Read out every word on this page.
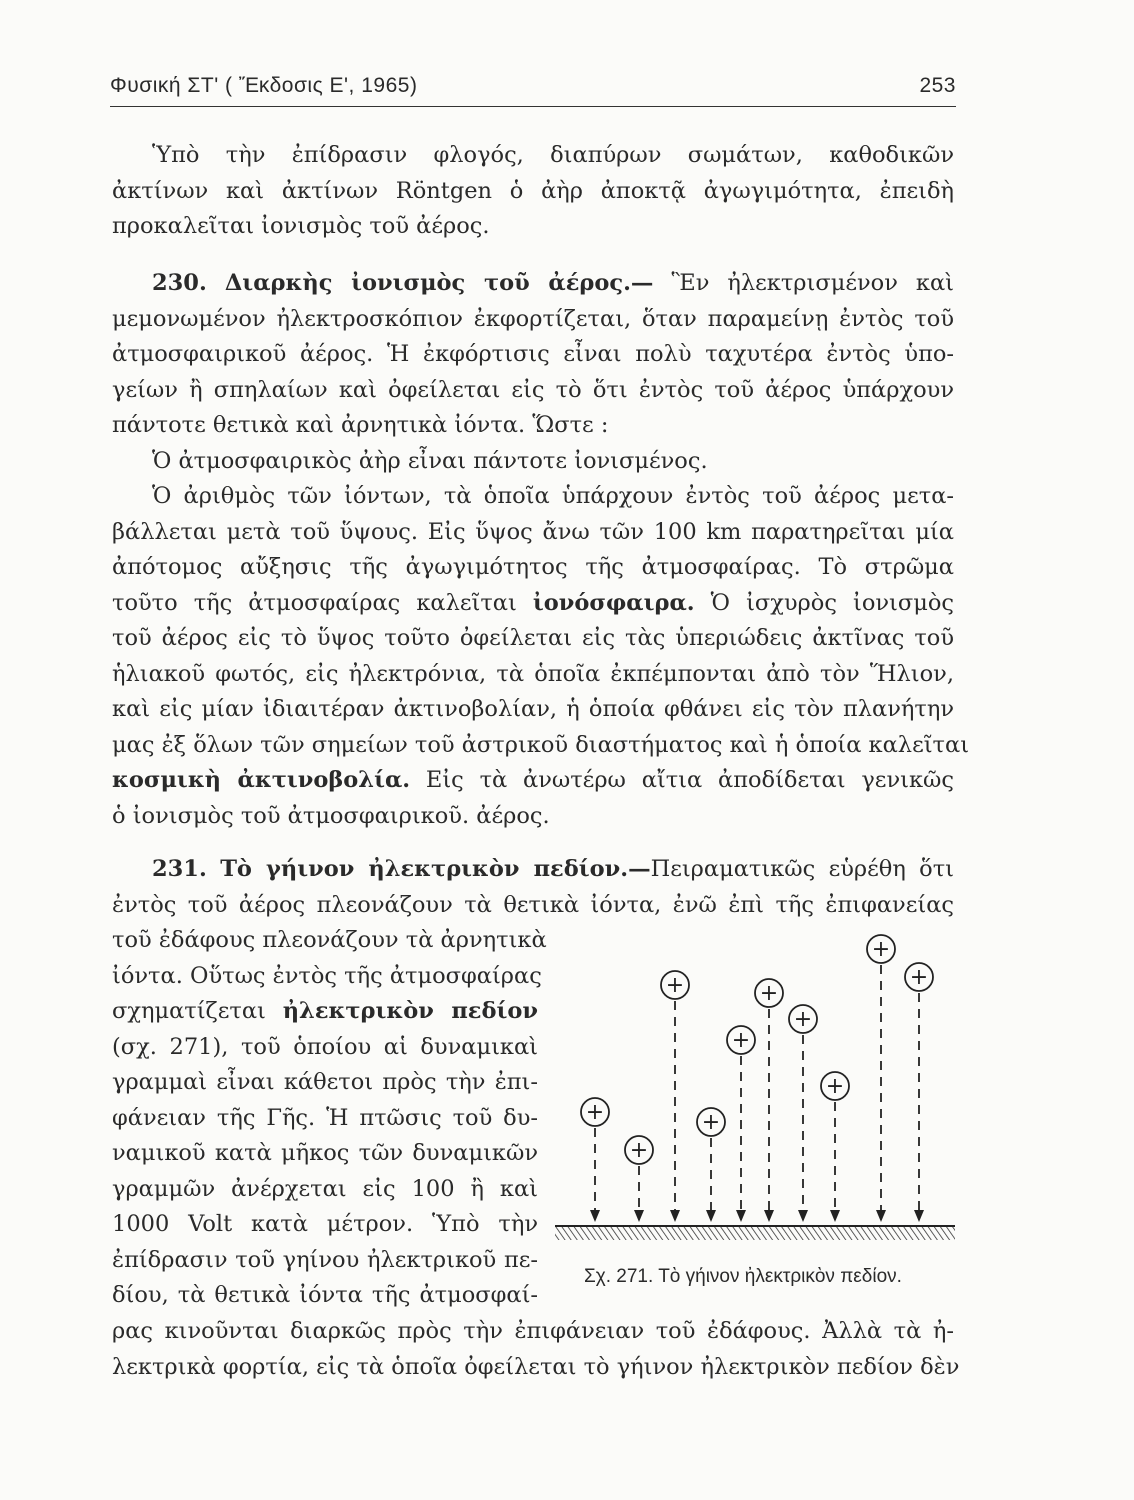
Φυσική ΣΤ' ( Ἔκδοσις Ε', 1965)	253
Ὑπὸ τὴν ἐπίδρασιν φλογός, διαπύρων σωμάτων, καθοδικῶν
ἀκτίνων καὶ ἀκτίνων Röntgen ὁ ἀὴρ ἀποκτᾷ ἀγωγιμότητα, ἐπειδὴ
προκαλεῖται ἰονισμὸς τοῦ ἀέρος.
230. Διαρκὴς ἰονισμὸς τοῦ ἀέρος.— Ἓν ἠλεκτρισμένον καὶ
μεμονωμένον ἠλεκτροσκόπιον ἐκφορτίζεται, ὅταν παραμείνῃ ἐντὸς τοῦ
ἀτμοσφαιρικοῦ ἀέρος. Ἡ ἐκφόρτισις εἶναι πολὺ ταχυτέρα ἐντὸς ὑπο-
γείων ἢ σπηλαίων καὶ ὀφείλεται εἰς τὸ ὅτι ἐντὸς τοῦ ἀέρος ὑπάρχουν
πάντοτε θετικὰ καὶ ἀρνητικὰ ἰόντα. Ὥστε :
Ὁ ἀτμοσφαιρικὸς ἀὴρ εἶναι πάντοτε ἰονισμένος.
Ὁ ἀριθμὸς τῶν ἰόντων, τὰ ὁποῖα ὑπάρχουν ἐντὸς τοῦ ἀέρος μετα-
βάλλεται μετὰ τοῦ ὕψους. Εἰς ὕψος ἄνω τῶν 100 km παρατηρεῖται μία
ἀπότομος αὔξησις τῆς ἀγωγιμότητος τῆς ἀτμοσφαίρας. Τὸ στρῶμα
τοῦτο τῆς ἀτμοσφαίρας καλεῖται ἰονόσφαιρα. Ὁ ἰσχυρὸς ἰονισμὸς
τοῦ ἀέρος εἰς τὸ ὕψος τοῦτο ὀφείλεται εἰς τὰς ὑπεριώδεις ἀκτῖνας τοῦ
ἡλιακοῦ φωτός, εἰς ἠλεκτρόνια, τὰ ὁποῖα ἐκπέμπονται ἀπὸ τὸν Ἥλιον,
καὶ εἰς μίαν ἰδιαιτέραν ἀκτινοβολίαν, ἡ ὁποία φθάνει εἰς τὸν πλανήτην
μας ἐξ ὅλων τῶν σημείων τοῦ ἀστρικοῦ διαστήματος καὶ ἡ ὁποία καλεῖται
κοσμικὴ ἀκτινοβολία. Εἰς τὰ ἀνωτέρω αἴτια ἀποδίδεται γενικῶς
ὁ ἰονισμὸς τοῦ ἀτμοσφαιρικοῦ. ἀέρος.
231. Τὸ γήινον ἠλεκτρικὸν πεδίον.—Πειραματικῶς εὑρέθη ὅτι
ἐντὸς τοῦ ἀέρος πλεονάζουν τὰ θετικὰ ἰόντα, ἐνῶ ἐπὶ τῆς ἐπιφανείας
τοῦ ἐδάφους πλεονάζουν τὰ ἀρνητικὰ
ἰόντα. Οὕτως ἐντὸς τῆς ἀτμοσφαίρας
σχηματίζεται ἠλεκτρικὸν πεδίον
(σχ. 271), τοῦ ὁποίου αἱ δυναμικαὶ
γραμμαὶ εἶναι κάθετοι πρὸς τὴν ἐπι-
φάνειαν τῆς Γῆς. Ἡ πτῶσις τοῦ δυ-
ναμικοῦ κατὰ μῆκος τῶν δυναμικῶν
γραμμῶν ἀνέρχεται εἰς 100 ἢ καὶ
1000 Volt κατὰ μέτρον. Ὑπὸ τὴν
ἐπίδρασιν τοῦ γηίνου ἠλεκτρικοῦ πε-
δίου, τὰ θετικὰ ἰόντα τῆς ἀτμοσφαί-
ρας κινοῦνται διαρκῶς πρὸς τὴν ἐπιφάνειαν τοῦ ἐδάφους. Ἀλλὰ τὰ ἠ-
λεκτρικὰ φορτία, εἰς τὰ ὁποῖα ὀφείλεται τὸ γήινον ἠλεκτρικὸν πεδίον δὲν
+
+
+
+
+
+
+
+
+
+
Σχ. 271. Τὸ γήινον ἠλεκτρικὸν πεδίον.
